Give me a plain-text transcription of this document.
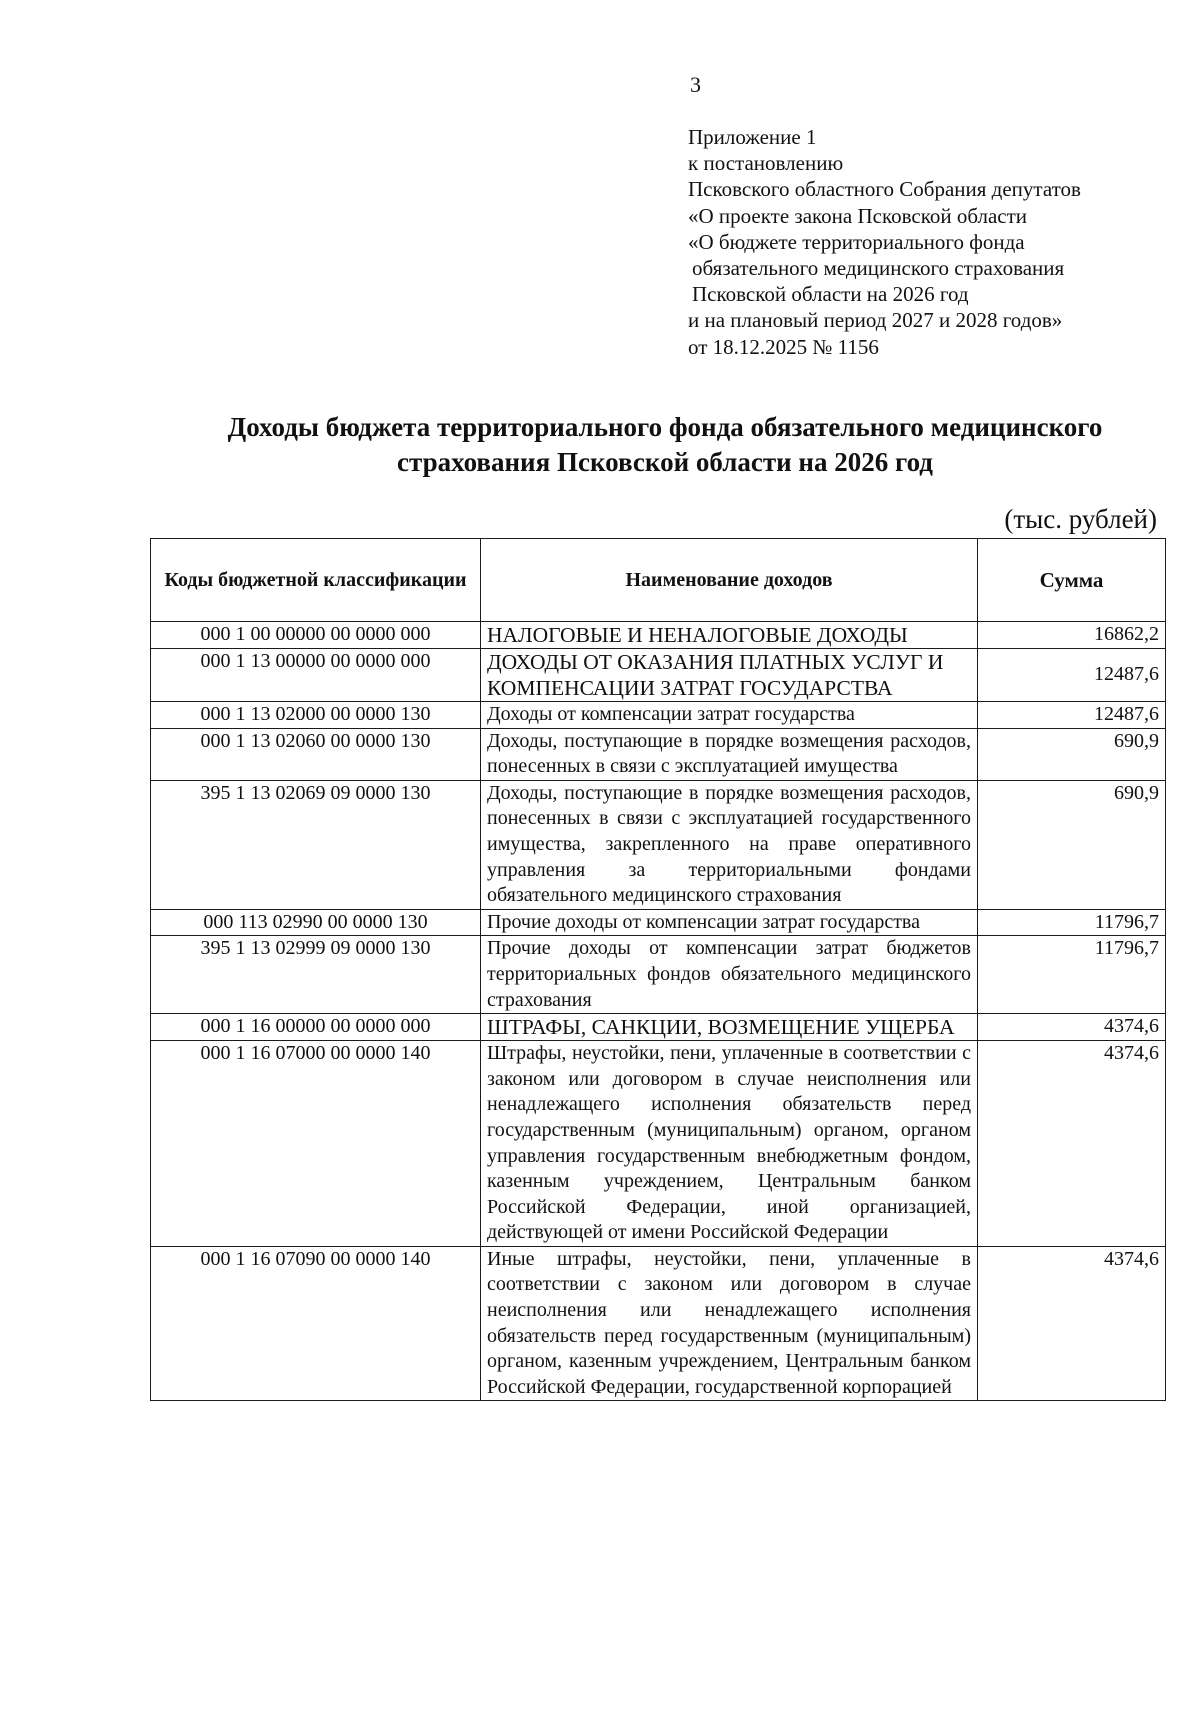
3
Приложение 1
к постановлению
Псковского областного Собрания депутатов
«О проекте закона Псковской области
«О бюджете территориального фонда
обязательного медицинского страхования
Псковской области на 2026 год
и на плановый период 2027 и 2028 годов»
от 18.12.2025 № 1156
Доходы бюджета территориального фонда обязательного медицинского
страхования Псковской области на 2026 год
(тыс. рублей)
Коды бюджетной классификации	Наименование доходов	Сумма
000 1 00 00000 00 0000 000	НАЛОГОВЫЕ И НЕНАЛОГОВЫЕ ДОХОДЫ	16862,2
000 1 13 00000 00 0000 000	ДОХОДЫ ОТ ОКАЗАНИЯ ПЛАТНЫХ УСЛУГ И КОМПЕНСАЦИИ ЗАТРАТ ГОСУДАРСТВА	12487,6
000 1 13 02000 00 0000 130	Доходы от компенсации затрат государства	12487,6
000 1 13 02060 00 0000 130	Доходы, поступающие в порядке возмещения расходов, понесенных в связи с эксплуатацией имущества	690,9
395 1 13 02069 09 0000 130	Доходы, поступающие в порядке возмещения расходов, понесенных в связи с эксплуатацией государственного имущества, закрепленного на праве оперативного управления за территориальными фондами обязательного медицинского страхования	690,9
000 113 02990 00 0000 130	Прочие доходы от компенсации затрат государства	11796,7
395 1 13 02999 09 0000 130	Прочие доходы от компенсации затрат бюджетов территориальных фондов обязательного медицинского страхования	11796,7
000 1 16 00000 00 0000 000	ШТРАФЫ, САНКЦИИ, ВОЗМЕЩЕНИЕ УЩЕРБА	4374,6
000 1 16 07000 00 0000 140	Штрафы, неустойки, пени, уплаченные в соответствии с законом или договором в случае неисполнения или ненадлежащего исполнения обязательств перед государственным (муниципальным) органом, органом управления государственным внебюджетным фондом, казенным учреждением, Центральным банком Российской Федерации, иной организацией, действующей от имени Российской Федерации	4374,6
000 1 16 07090 00 0000 140	Иные штрафы, неустойки, пени, уплаченные в соответствии с законом или договором в случае неисполнения или ненадлежащего исполнения обязательств перед государственным (муниципальным) органом, казенным учреждением, Центральным банком Российской Федерации, государственной корпорацией	4374,6
